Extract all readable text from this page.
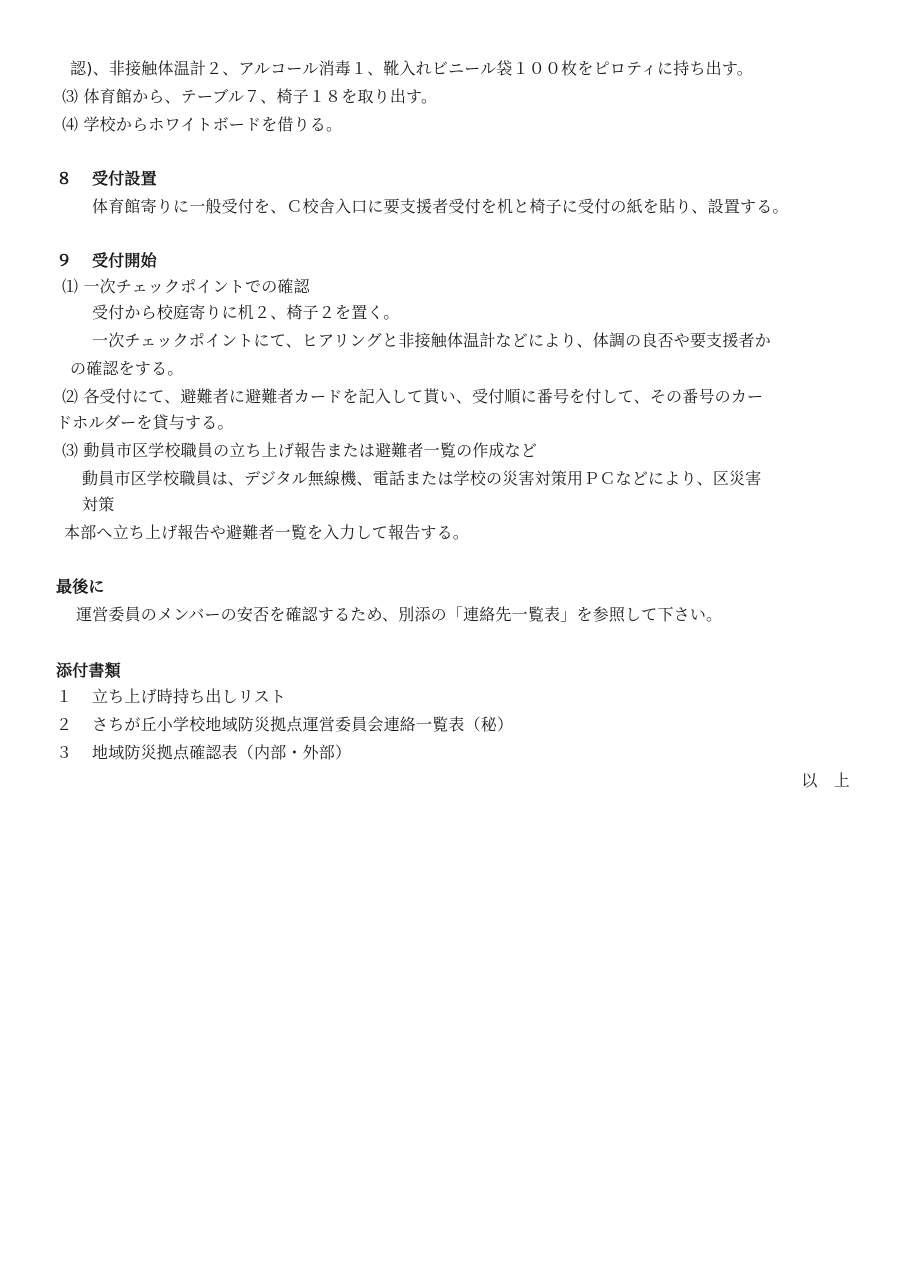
認)、非接触体温計２、アルコール消毒１、靴入れビニール袋１００枚をピロティに持ち出す。
⑶ 体育館から、テーブル７、椅子１８を取り出す。
⑷ 学校からホワイトボードを借りる。
８ 受付設置
体育館寄りに一般受付を、Ｃ校舎入口に要支援者受付を机と椅子に受付の紙を貼り、設置する。
９ 受付開始
⑴ 一次チェックポイントでの確認
受付から校庭寄りに机２、椅子２を置く。
一次チェックポイントにて、ヒアリングと非接触体温計などにより、体調の良否や要支援者か
の確認をする。
⑵ 各受付にて、避難者に避難者カードを記入して貰い、受付順に番号を付して、その番号のカー
ドホルダーを貸与する。
⑶ 動員市区学校職員の立ち上げ報告または避難者一覧の作成など
動員市区学校職員は、デジタル無線機、電話または学校の災害対策用ＰＣなどにより、区災害
対策
本部へ立ち上げ報告や避難者一覧を入力して報告する。
最後に
運営委員のメンバーの安否を確認するため、別添の「連絡先一覧表」を参照して下さい。
添付書類
１ 立ち上げ時持ち出しリスト
２ さちが丘小学校地域防災拠点運営委員会連絡一覧表（秘）
３ 地域防災拠点確認表（内部・外部）
以　上
